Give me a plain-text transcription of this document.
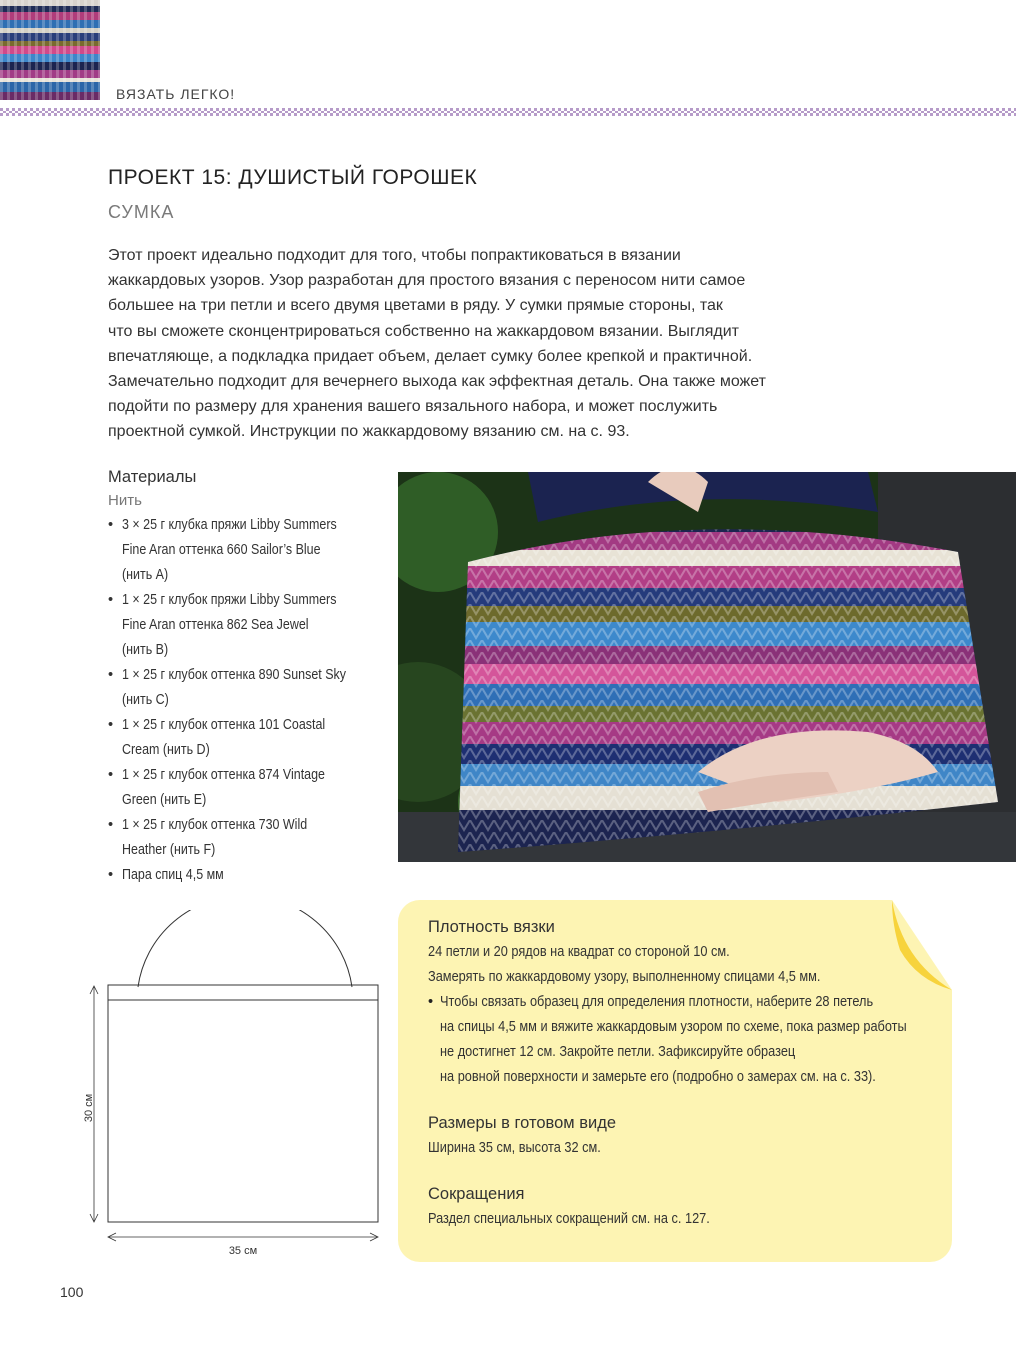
ВЯЗАТЬ ЛЕГКО!
ПРОЕКТ 15: ДУШИСТЫЙ ГОРОШЕК
СУМКА
Этот проект идеально подходит для того, чтобы попрактиковаться в вязании
жаккардовых узоров. Узор разработан для простого вязания с переносом нити самое
большее на три петли и всего двумя цветами в ряду. У сумки прямые стороны, так
что вы сможете сконцентрироваться собственно на жаккардовом вязании. Выглядит
впечатляюще, а подкладка придает объем, делает сумку более крепкой и практичной.
Замечательно подходит для вечернего выхода как эффектная деталь. Она также может
подойти по размеру для хранения вашего вязального набора, и может послужить
проектной сумкой. Инструкции по жаккардовому вязанию см. на с. 93.
Материалы
Нить
• 3 × 25 г клубка пряжи Libby Summers
Fine Aran оттенка 660 Sailor’s Blue
(нить A)
• 1 × 25 г клубок пряжи Libby Summers
Fine Aran оттенка 862 Sea Jewel
(нить B)
• 1 × 25 г клубок оттенка 890 Sunset Sky
(нить C)
• 1 × 25 г клубок оттенка 101 Coastal
Cream (нить D)
• 1 × 25 г клубок оттенка 874 Vintage
Green (нить E)
• 1 × 25 г клубок оттенка 730 Wild
Heather (нить F)
• Пара спиц 4,5 мм
30 см
35 см
Плотность вязки
24 петли и 20 рядов на квадрат со стороной 10 см.
Замерять по жаккардовому узору, выполненному спицами 4,5 мм.
• Чтобы связать образец для определения плотности, наберите 28 петель
на спицы 4,5 мм и вяжите жаккардовым узором по схеме, пока размер работы
не достигнет 12 см. Закройте петли. Зафиксируйте образец
на ровной поверхности и замерьте его (подробно о замерах см. на с. 33).
Размеры в готовом виде
Ширина 35 см, высота 32 см.
Сокращения
Раздел специальных сокращений см. на с. 127.
100
